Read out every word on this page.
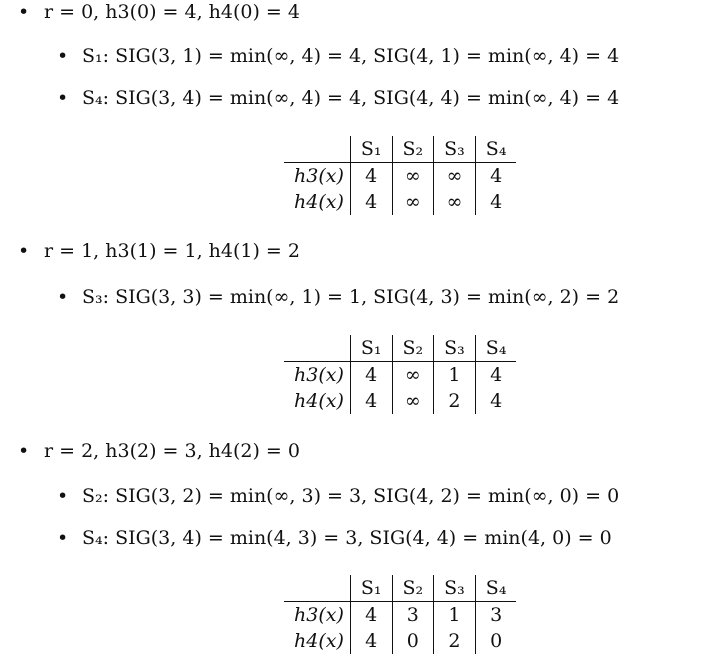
• r = 0, h3(0) = 4, h4(0) = 4
• S₁: SIG(3, 1) = min(∞, 4) = 4, SIG(4, 1) = min(∞, 4) = 4
• S₄: SIG(3, 4) = min(∞, 4) = 4, SIG(4, 4) = min(∞, 4) = 4
	S₁	S₂	S₃	S₄
h3(x)	4	∞	∞	4
h4(x)	4	∞	∞	4
• r = 1, h3(1) = 1, h4(1) = 2
• S₃: SIG(3, 3) = min(∞, 1) = 1, SIG(4, 3) = min(∞, 2) = 2
	S₁	S₂	S₃	S₄
h3(x)	4	∞	1	4
h4(x)	4	∞	2	4
• r = 2, h3(2) = 3, h4(2) = 0
• S₂: SIG(3, 2) = min(∞, 3) = 3, SIG(4, 2) = min(∞, 0) = 0
• S₄: SIG(3, 4) = min(4, 3) = 3, SIG(4, 4) = min(4, 0) = 0
	S₁	S₂	S₃	S₄
h3(x)	4	3	1	3
h4(x)	4	0	2	0
